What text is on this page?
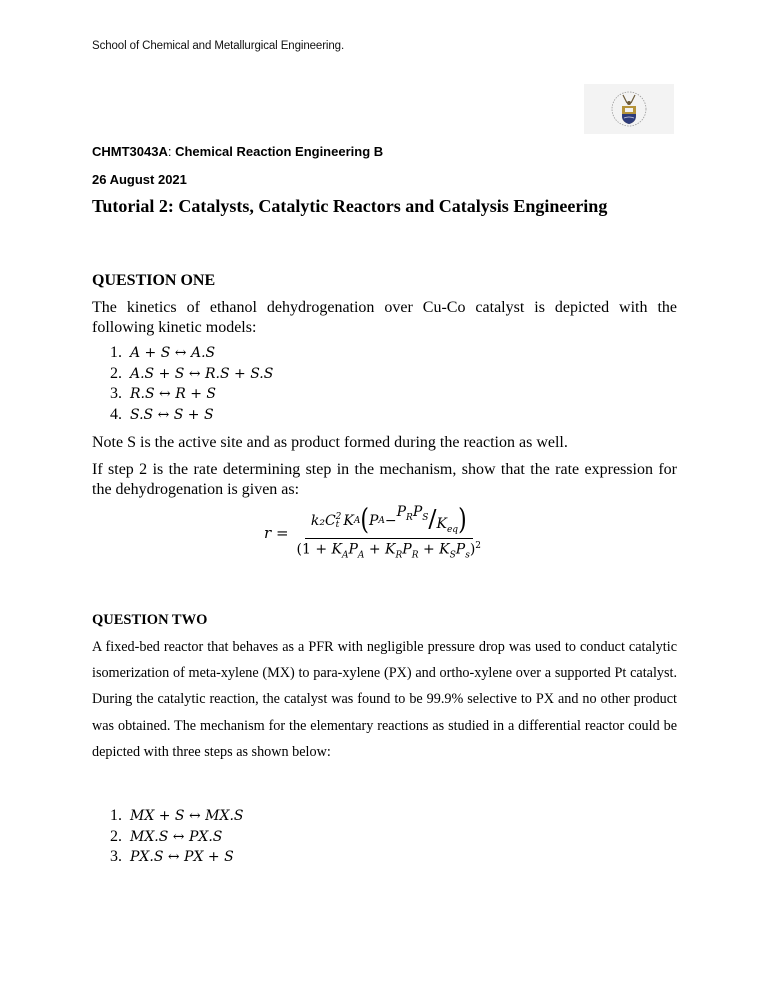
School of Chemical and Metallurgical Engineering.
CHMT3043A: Chemical Reaction Engineering B
26 August 2021
Tutorial 2: Catalysts, Catalytic Reactors and Catalysis Engineering
QUESTION ONE
The kinetics of ethanol dehydrogenation over Cu-Co catalyst is depicted with the following kinetic models:
1. A + S ↔ A.S
2. A.S + S ↔ R.S + S.S
3. R.S ↔ R + S
4. S.S ↔ S + S
Note S is the active site and as product formed during the reaction as well.
If step 2 is the rate determining step in the mechanism, show that the rate expression for the dehydrogenation is given as:
r =
k₂C 2
t K A ( P A −
$P_RP_S / K_{eq}$ )
$(1 + K_AP_A + K_RP_R + K_SP_s)^2$
QUESTION TWO
A fixed-bed reactor that behaves as a PFR with negligible pressure drop was used to conduct catalytic isomerization of meta-xylene (MX) to para-xylene (PX) and ortho-xylene over a supported Pt catalyst. During the catalytic reaction, the catalyst was found to be 99.9% selective to PX and no other product was obtained. The mechanism for the elementary reactions as studied in a differential reactor could be depicted with three steps as shown below:
1. MX + S ↔ MX.S
2. MX.S ↔ PX.S
3. PX.S ↔ PX + S
